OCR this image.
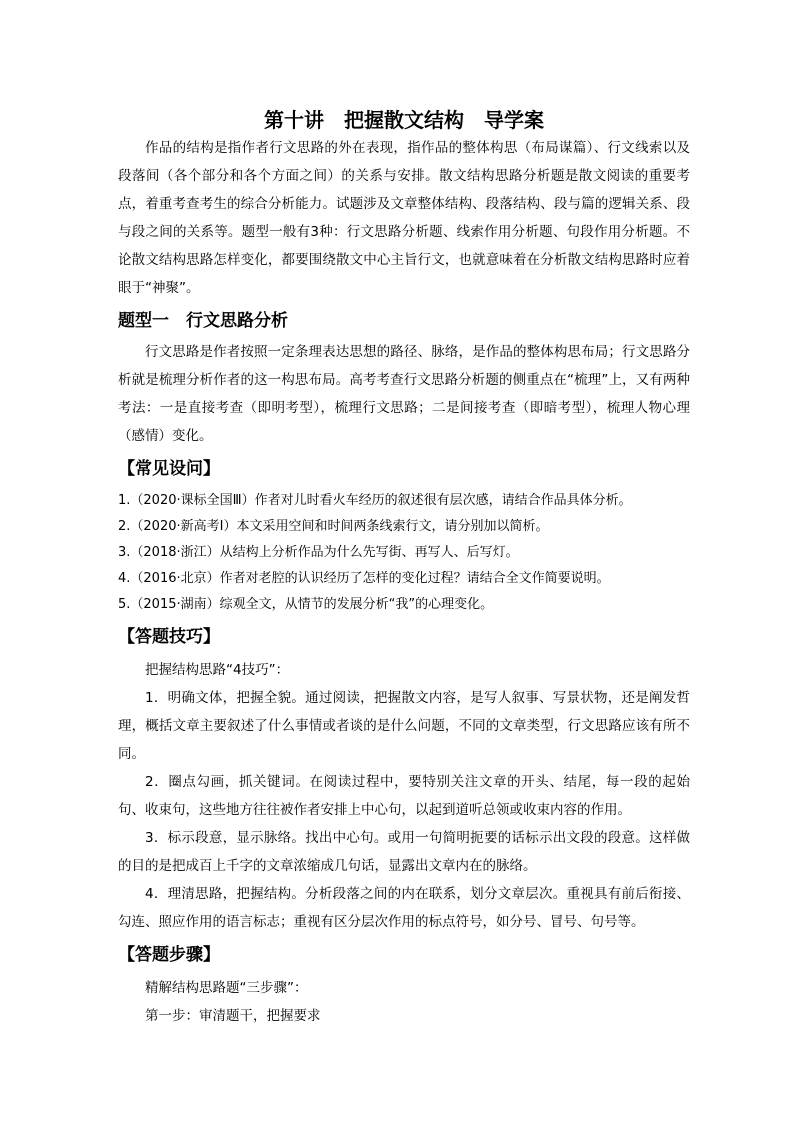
第十讲　把握散文结构　导学案

作品的结构是指作者行文思路的外在表现，指作品的整体构思（布局谋篇）、行文线索以及段落间（各个部分和各个方面之间）的关系与安排。散文结构思路分析题是散文阅读的重要考点，着重考查考生的综合分析能力。试题涉及文章整体结构、段落结构、段与篇的逻辑关系、段与段之间的关系等。题型一般有3种：行文思路分析题、线索作用分析题、句段作用分析题。不论散文结构思路怎样变化，都要围绕散文中心主旨行文，也就意味着在分析散文结构思路时应着眼于“神聚”。

题型一　行文思路分析

行文思路是作者按照一定条理表达思想的路径、脉络，是作品的整体构思布局；行文思路分析就是梳理分析作者的这一构思布局。高考考查行文思路分析题的侧重点在“梳理”上，又有两种考法：一是直接考查（即明考型），梳理行文思路；二是间接考查（即暗考型），梳理人物心理（感情）变化。

【常见设问】
1.（2020·课标全国Ⅲ）作者对儿时看火车经历的叙述很有层次感，请结合作品具体分析。
2.（2020·新高考Ⅰ）本文采用空间和时间两条线索行文，请分别加以简析。
3.（2018·浙江）从结构上分析作品为什么先写街、再写人、后写灯。
4.（2016·北京）作者对老腔的认识经历了怎样的变化过程？请结合全文作简要说明。
5.（2015·湖南）综观全文，从情节的发展分析“我”的心理变化。
【答题技巧】

把握结构思路“4技巧”：

1．明确文体，把握全貌。通过阅读，把握散文内容，是写人叙事、写景状物，还是阐发哲理，概括文章主要叙述了什么事情或者谈的是什么问题，不同的文章类型，行文思路应该有所不同。

2．圈点勾画，抓关键词。在阅读过程中，要特别关注文章的开头、结尾，每一段的起始句、收束句，这些地方往往被作者安排上中心句，以起到道听总领或收束内容的作用。

3．标示段意，显示脉络。找出中心句。或用一句简明扼要的话标示出文段的段意。这样做的目的是把成百上千字的文章浓缩成几句话，显露出文章内在的脉络。

4．理清思路，把握结构。分析段落之间的内在联系，划分文章层次。重视具有前后衔接、勾连、照应作用的语言标志；重视有区分层次作用的标点符号，如分号、冒号、句号等。

【答题步骤】

精解结构思路题“三步骤”：

第一步：审清题干，把握要求
